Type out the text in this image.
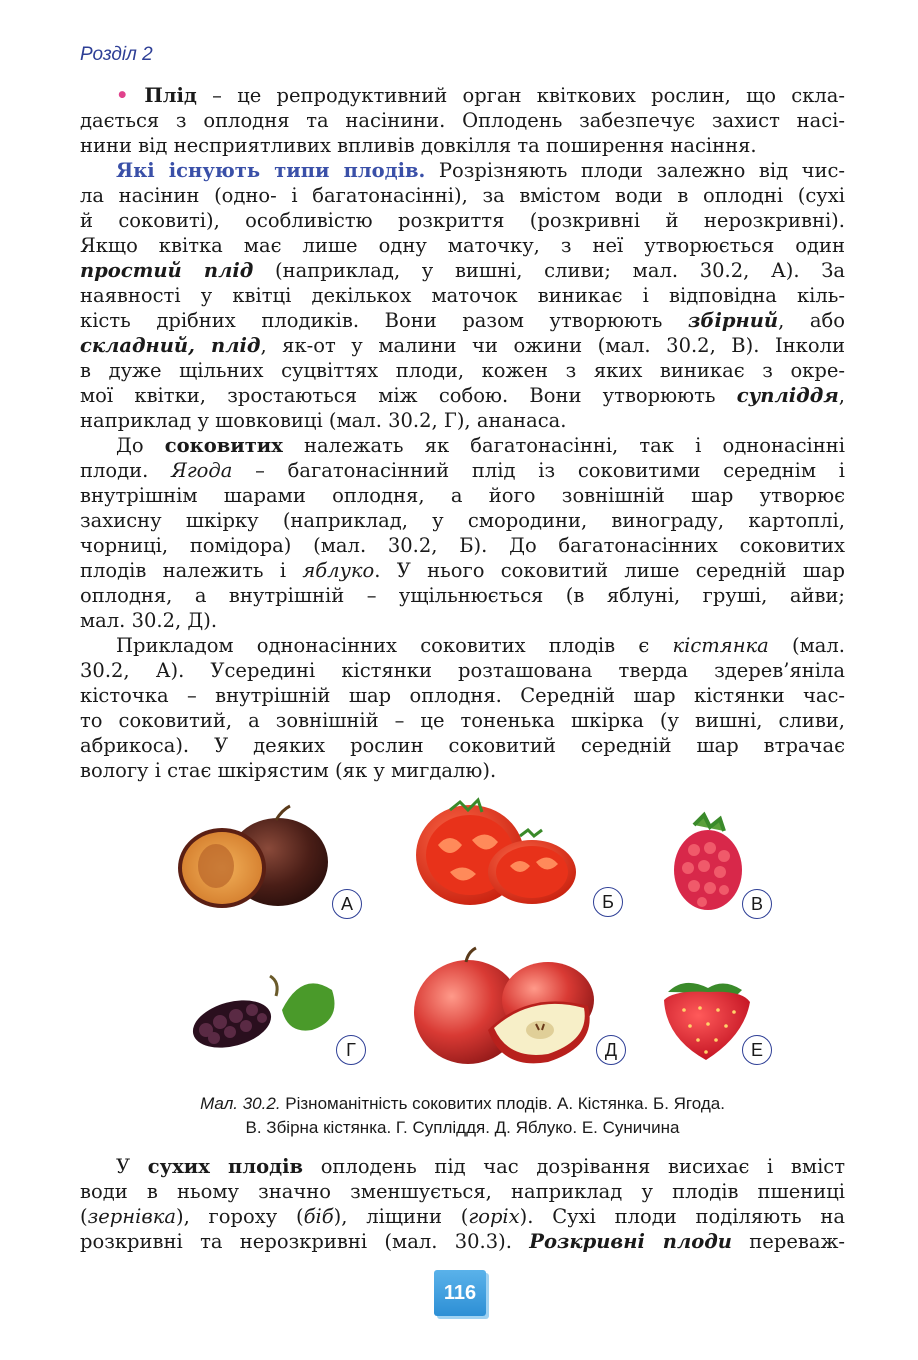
Розділ 2
• Плід – це репродуктивний орган квіткових рослин, що скла-
дається з оплодня та насінини. Оплодень забезпечує захист насі-
нини від несприятливих впливів довкілля та поширення насіння.
Які існують типи плодів. Розрізняють плоди залежно від чис-
ла насінин (одно- і багатонасінні), за вмістом води в оплодні (сухі
й соковиті), особливістю розкриття (розкривні й нерозкривні).
Якщо квітка має лише одну маточку, з неї утворюється один
простий плід (наприклад, у вишні, сливи; мал. 30.2, А). За
наявності у квітці декількох маточок виникає і відповідна кіль-
кість дрібних плодиків. Вони разом утворюють збірний, або
складний, плід, як-от у малини чи ожини (мал. 30.2, В). Інколи
в дуже щільних суцвіттях плоди, кожен з яких виникає з окре-
мої квітки, зростаються між собою. Вони утворюють супліддя,
наприклад у шовковиці (мал. 30.2, Г), ананаса.
До соковитих належать як багатонасінні, так і однонасінні
плоди. Ягода – багатонасінний плід із соковитими середнім і
внутрішнім шарами оплодня, а його зовнішній шар утворює
захисну шкірку (наприклад, у смородини, винограду, картоплі,
чорниці, помідора) (мал. 30.2, Б). До багатонасінних соковитих
плодів належить і яблуко. У нього соковитий лише середній шар
оплодня, а внутрішній – ущільнюється (в яблуні, груші, айви;
мал. 30.2, Д).
Прикладом однонасінних соковитих плодів є кістянка (мал.
30.2, А). Усередині кістянки розташована тверда здерев’яніла
кісточка – внутрішній шар оплодня. Середній шар кістянки час-
то соковитий, а зовнішній – це тоненька шкірка (у вишні, сливи,
абрикоса). У деяких рослин соковитий середній шар втрачає
вологу і стає шкірястим (як у мигдалю).
А	Б	В
Г	Д	Е
Мал. 30.2. Різноманітність соковитих плодів. А. Кістянка. Б. Ягода.
В. Збірна кістянка. Г. Супліддя. Д. Яблуко. Е. Суничина
У сухих плодів оплодень під час дозрівання висихає і вміст
води в ньому значно зменшується, наприклад у плодів пшениці
(зернівка), гороху (біб), ліщини (горіх). Сухі плоди поділяють на
розкривні та нерозкривні (мал. 30.3). Розкривні плоди переваж-
116
